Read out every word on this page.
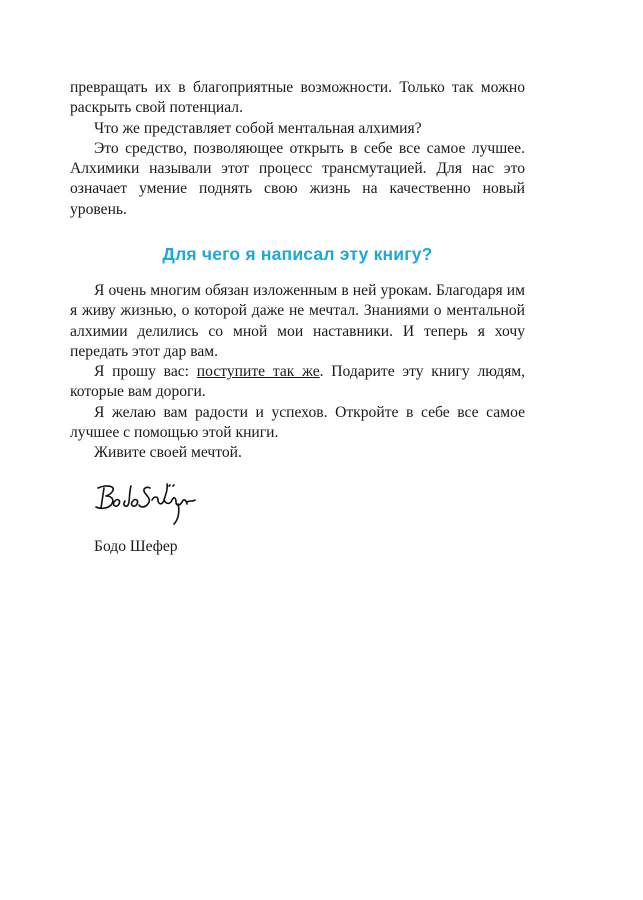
превращать их в благоприятные возможности. Только так можно раскрыть свой потенциал.

Что же представляет собой ментальная алхимия?

Это средство, позволяющее открыть в себе все самое лучшее. Алхимики называли этот процесс трансмутацией. Для нас это означает умение поднять свою жизнь на качественно новый уровень.

Для чего я написал эту книгу?

Я очень многим обязан изложенным в ней урокам. Благодаря им я живу жизнью, о которой даже не мечтал. Знаниями о ментальной алхимии делились со мной мои наставники. И теперь я хочу передать этот дар вам.

Я прошу вас: поступите так же. Подарите эту книгу людям, которые вам дороги.

Я желаю вам радости и успехов. Откройте в себе все самое лучшее с помощью этой книги.

Живите своей мечтой.

Бодо Шефер
